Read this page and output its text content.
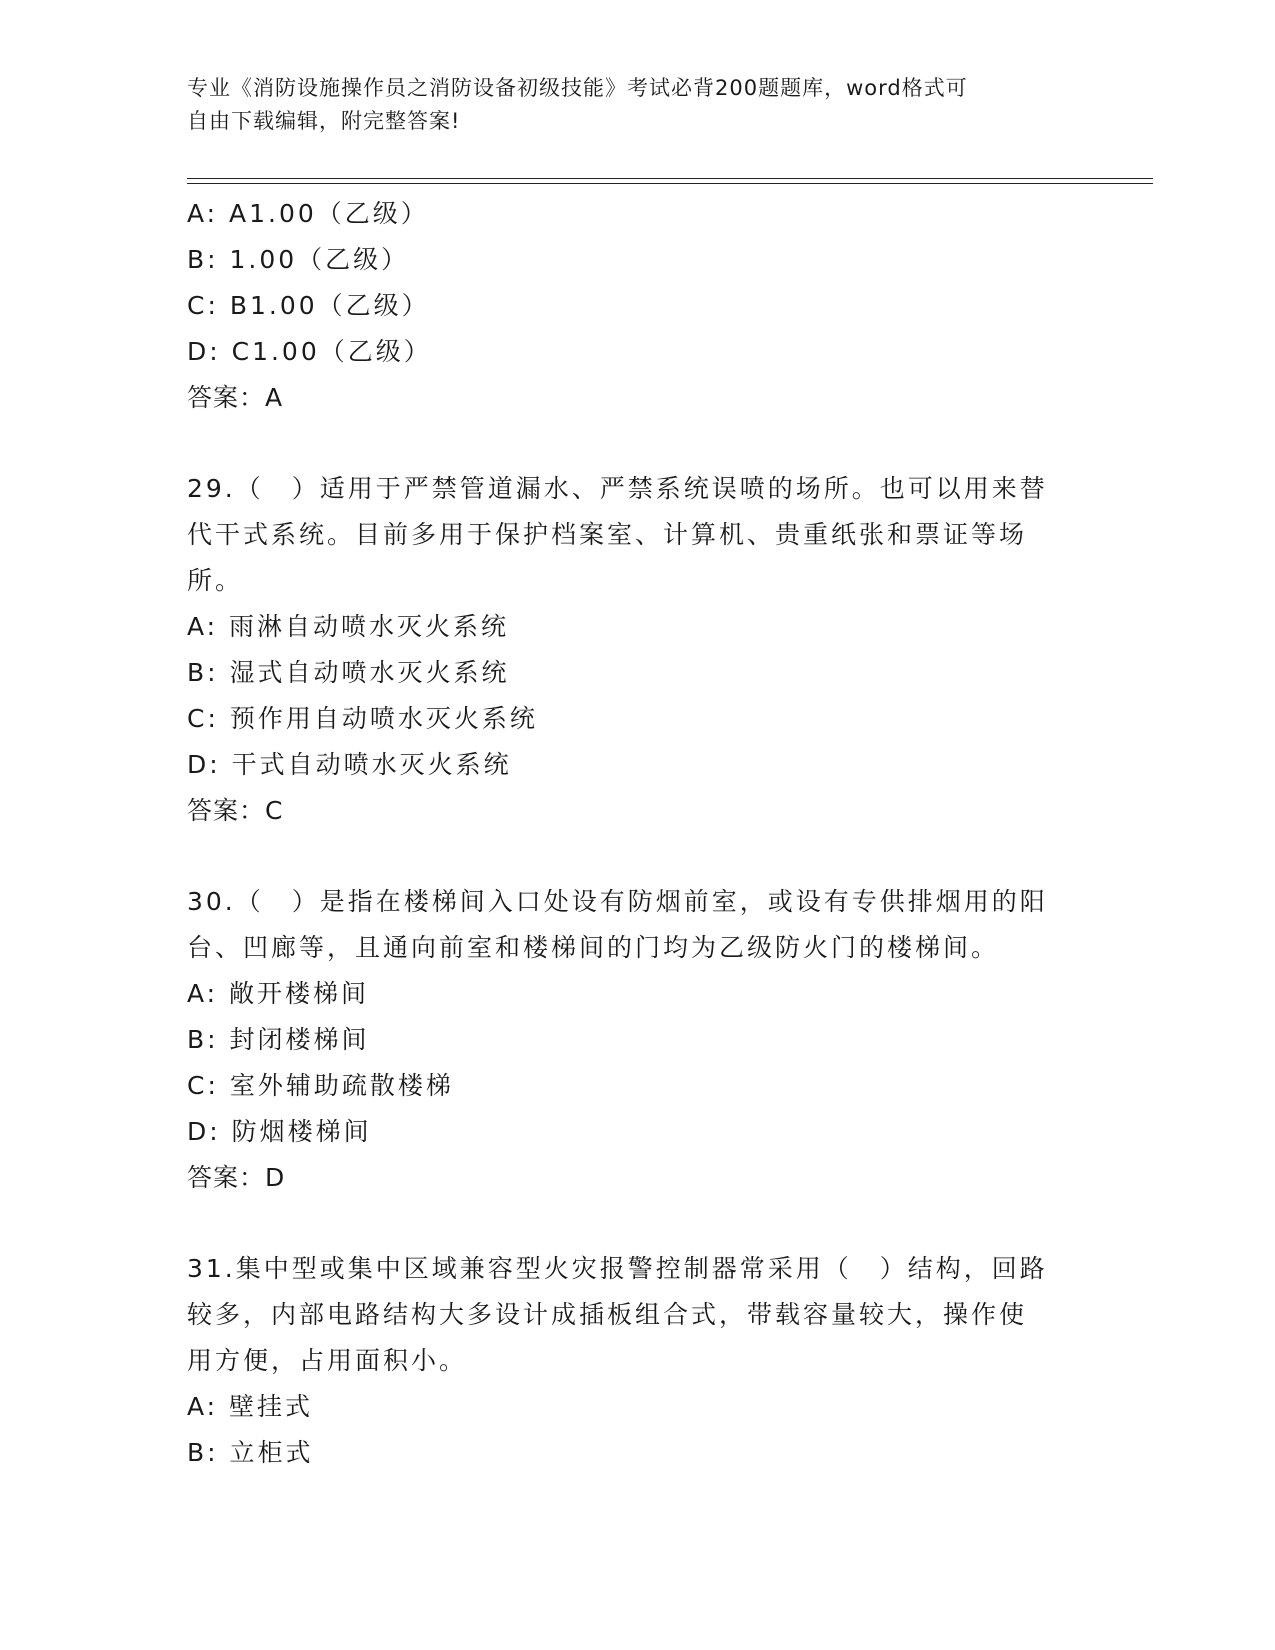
专业《消防设施操作员之消防设备初级技能》考试必背200题题库，word格式可
自由下载编辑，附完整答案!
A: A1.00（乙级）
B: 1.00（乙级）
C: B1.00（乙级）
D: C1.00（乙级）
答案：A
29.（　）适用于严禁管道漏水、严禁系统误喷的场所。也可以用来替
代干式系统。目前多用于保护档案室、计算机、贵重纸张和票证等场
所。
A: 雨淋自动喷水灭火系统
B: 湿式自动喷水灭火系统
C: 预作用自动喷水灭火系统
D: 干式自动喷水灭火系统
答案：C
30.（　）是指在楼梯间入口处设有防烟前室，或设有专供排烟用的阳
台、凹廊等，且通向前室和楼梯间的门均为乙级防火门的楼梯间。
A: 敞开楼梯间
B: 封闭楼梯间
C: 室外辅助疏散楼梯
D: 防烟楼梯间
答案：D
31.集中型或集中区域兼容型火灾报警控制器常采用（　）结构，回路
较多，内部电路结构大多设计成插板组合式，带载容量较大，操作使
用方便，占用面积小。
A: 壁挂式
B: 立柜式
